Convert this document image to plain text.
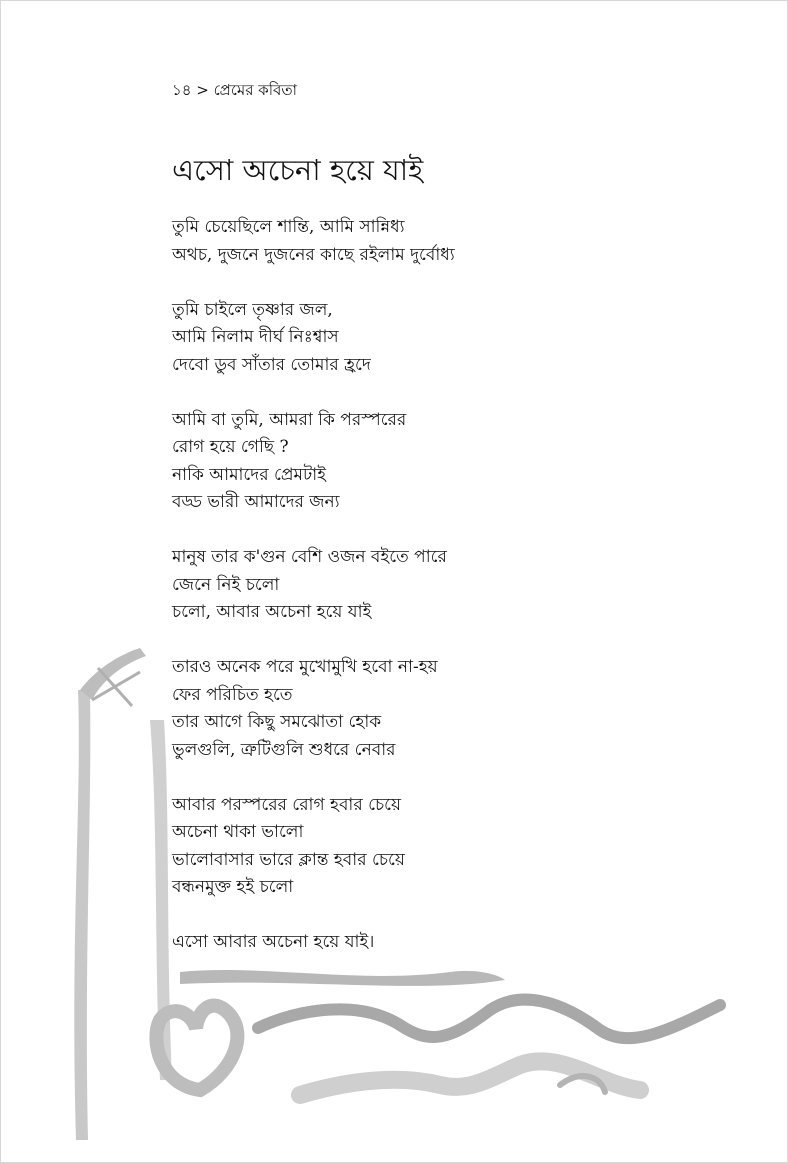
১৪ > প্রেমের কবিতা
এসো অচেনা হয়ে যাই
তুমি চেয়েছিলে শান্তি, আমি সান্নিধ্য
অথচ, দুজনে দুজনের কাছে রইলাম দুর্বোধ্য
তুমি চাইলে তৃষ্ণার জল,
আমি নিলাম দীর্ঘ নিঃশ্বাস
দেবো ডুব সাঁতার তোমার হ্রদে
আমি বা তুমি, আমরা কি পরস্পরের
রোগ হয়ে গেছি ?
নাকি আমাদের প্রেমটাই
বড্ড ভারী আমাদের জন্য
মানুষ তার ক'গুন বেশি ওজন বইতে পারে
জেনে নিই চলো
চলো, আবার অচেনা হয়ে যাই
তারও অনেক পরে মুখোমুখি হবো না-হয়
ফের পরিচিত হতে
তার আগে কিছু সমঝোতা হোক
ভুলগুলি, ত্রুটিগুলি শুধরে নেবার
আবার পরস্পরের রোগ হবার চেয়ে
অচেনা থাকা ভালো
ভালোবাসার ভারে ক্লান্ত হবার চেয়ে
বন্ধনমুক্ত হই চলো
এসো আবার অচেনা হয়ে যাই।
